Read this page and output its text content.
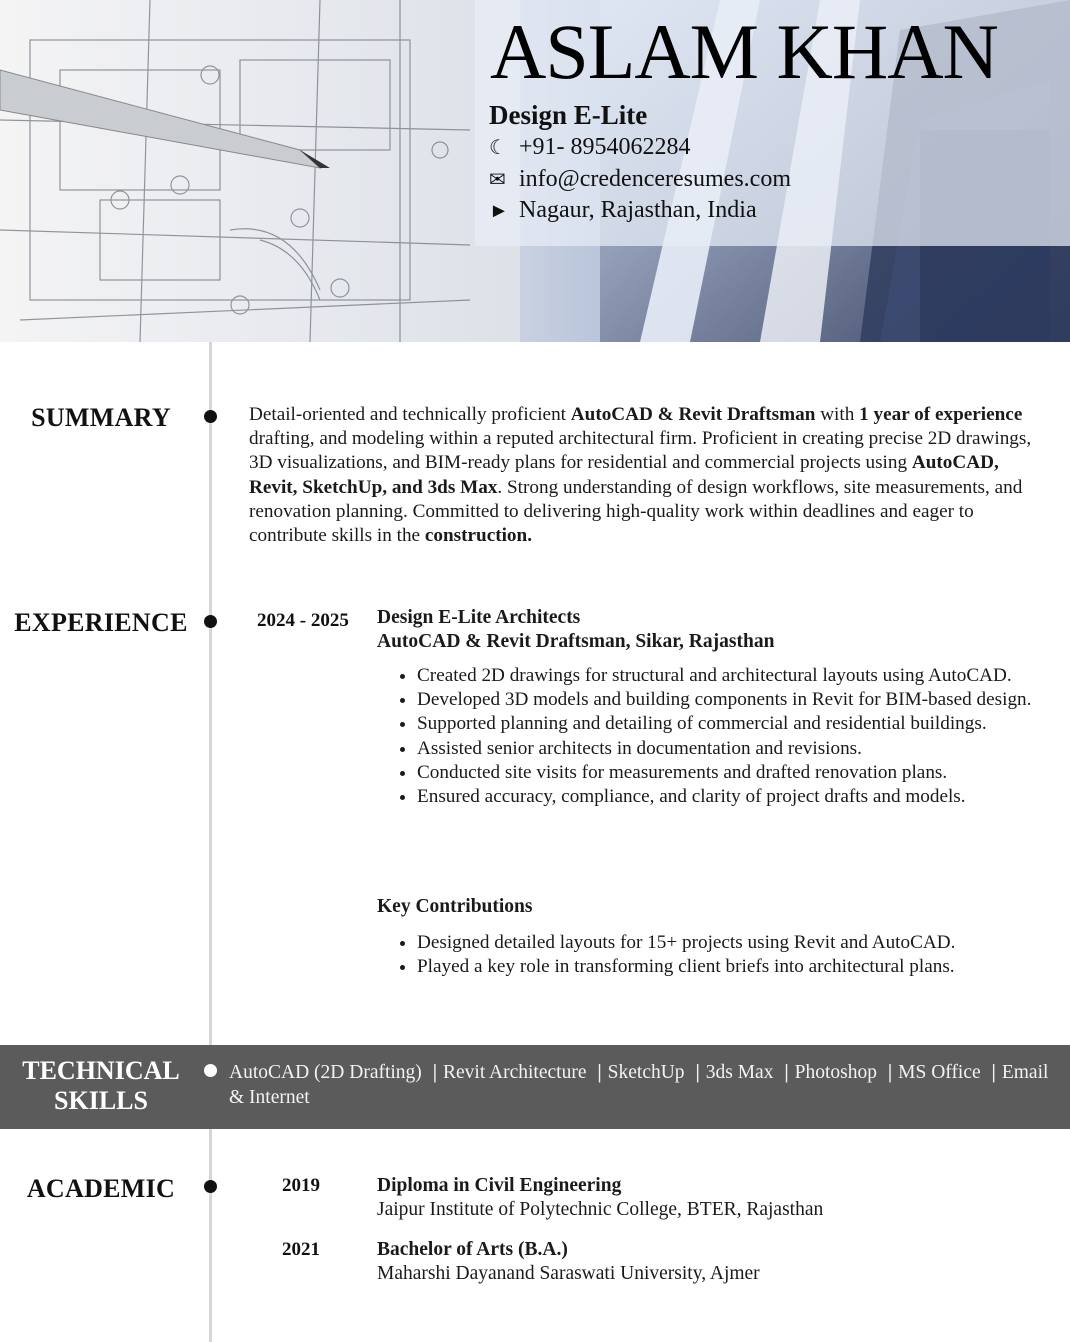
ASLAM KHAN
Design E-Lite
☾ +91- 8954062284
✉ info@credenceresumes.com
► Nagaur, Rajasthan, India
SUMMARY	Detail-oriented and technically proficient AutoCAD & Revit Draftsman with 1 year of experience drafting, and modeling within a reputed architectural firm. Proficient in creating precise 2D drawings, 3D visualizations, and BIM-ready plans for residential and commercial projects using AutoCAD, Revit, SketchUp, and 3ds Max. Strong understanding of design workflows, site measurements, and renovation planning. Committed to delivering high-quality work within deadlines and eager to contribute skills in the construction.

EXPERIENCE	2024 - 2025 Design E-Lite Architects
AutoCAD & Revit Draftsman, Sikar, Rajasthan
• Created 2D drawings for structural and architectural layouts using AutoCAD.
• Developed 3D models and building components in Revit for BIM-based design.
• Supported planning and detailing of commercial and residential buildings.
• Assisted senior architects in documentation and revisions.
• Conducted site visits for measurements and drafted renovation plans.
• Ensured accuracy, compliance, and clarity of project drafts and models.
Key Contributions
• Designed detailed layouts for 15+ projects using Revit and AutoCAD.
• Played a key role in transforming client briefs into architectural plans.
TECHNICAL
SKILLS
AutoCAD (2D Drafting) | Revit Architecture | SketchUp | 3ds Max | Photoshop | MS Office | Email & Internet
ACADEMIC	2019	Diploma in Civil Engineering
Jaipur Institute of Polytechnic College, BTER, Rajasthan
2021	Bachelor of Arts (B.A.)
Maharshi Dayanand Saraswati University, Ajmer
